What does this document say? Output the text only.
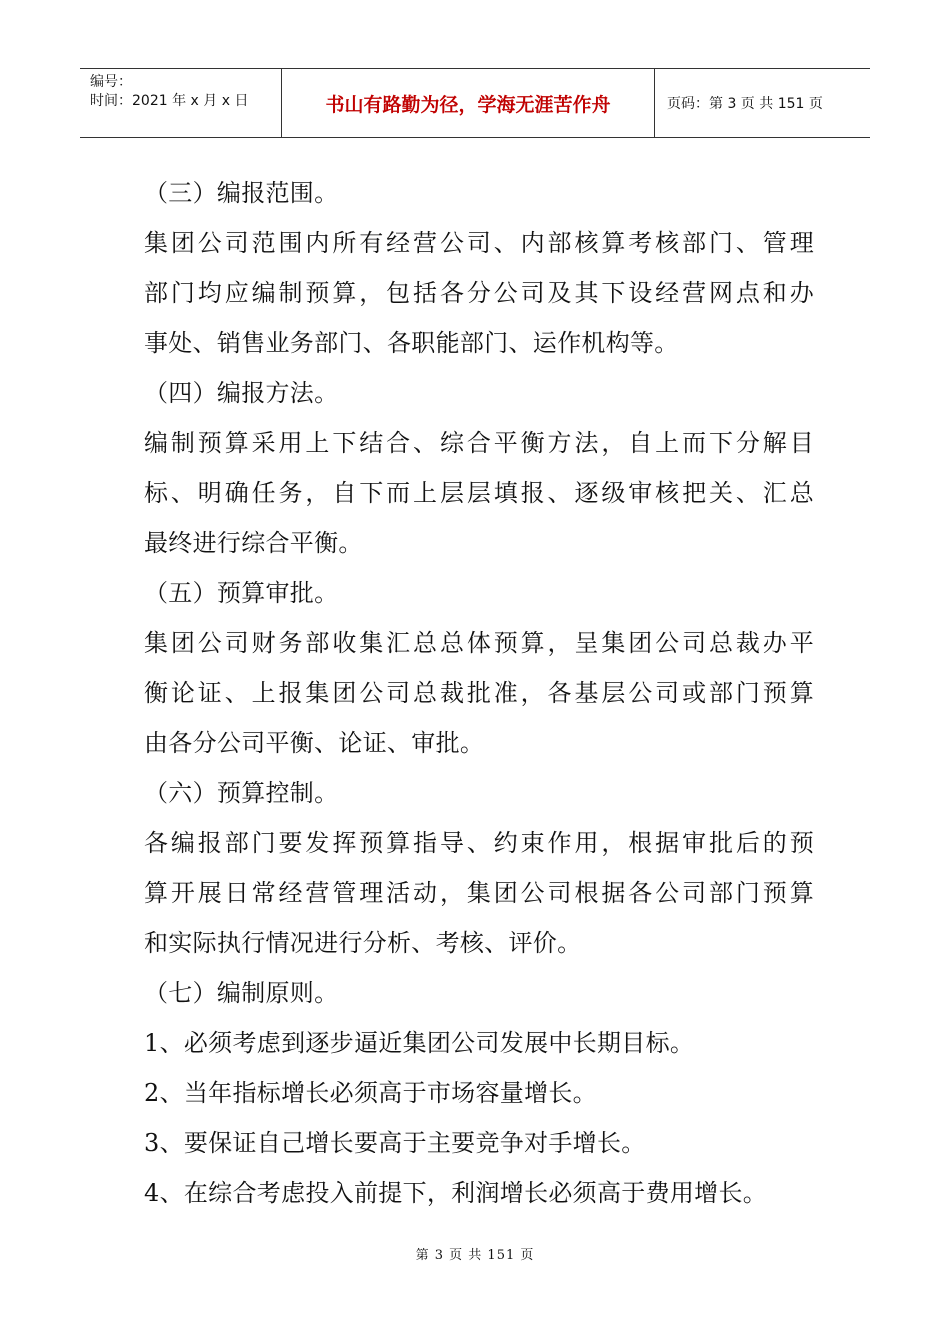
编号：
时间：2021 年 x 月 x 日	书山有路勤为径，学海无涯苦作舟	页码：第 3 页 共 151 页
（三）编报范围。
集团公司范围内所有经营公司、内部核算考核部门、管理
部门均应编制预算，包括各分公司及其下设经营网点和办
事处、销售业务部门、各职能部门、运作机构等。
（四）编报方法。
编制预算采用上下结合、综合平衡方法，自上而下分解目
标、明确任务，自下而上层层填报、逐级审核把关、汇总
最终进行综合平衡。
（五）预算审批。
集团公司财务部收集汇总总体预算，呈集团公司总裁办平
衡论证、上报集团公司总裁批准，各基层公司或部门预算
由各分公司平衡、论证、审批。
（六）预算控制。
各编报部门要发挥预算指导、约束作用，根据审批后的预
算开展日常经营管理活动，集团公司根据各公司部门预算
和实际执行情况进行分析、考核、评价。
（七）编制原则。
1、必须考虑到逐步逼近集团公司发展中长期目标。
2、当年指标增长必须高于市场容量增长。
3、要保证自己增长要高于主要竞争对手增长。
4、在综合考虑投入前提下，利润增长必须高于费用增长。
第 3 页 共 151 页
